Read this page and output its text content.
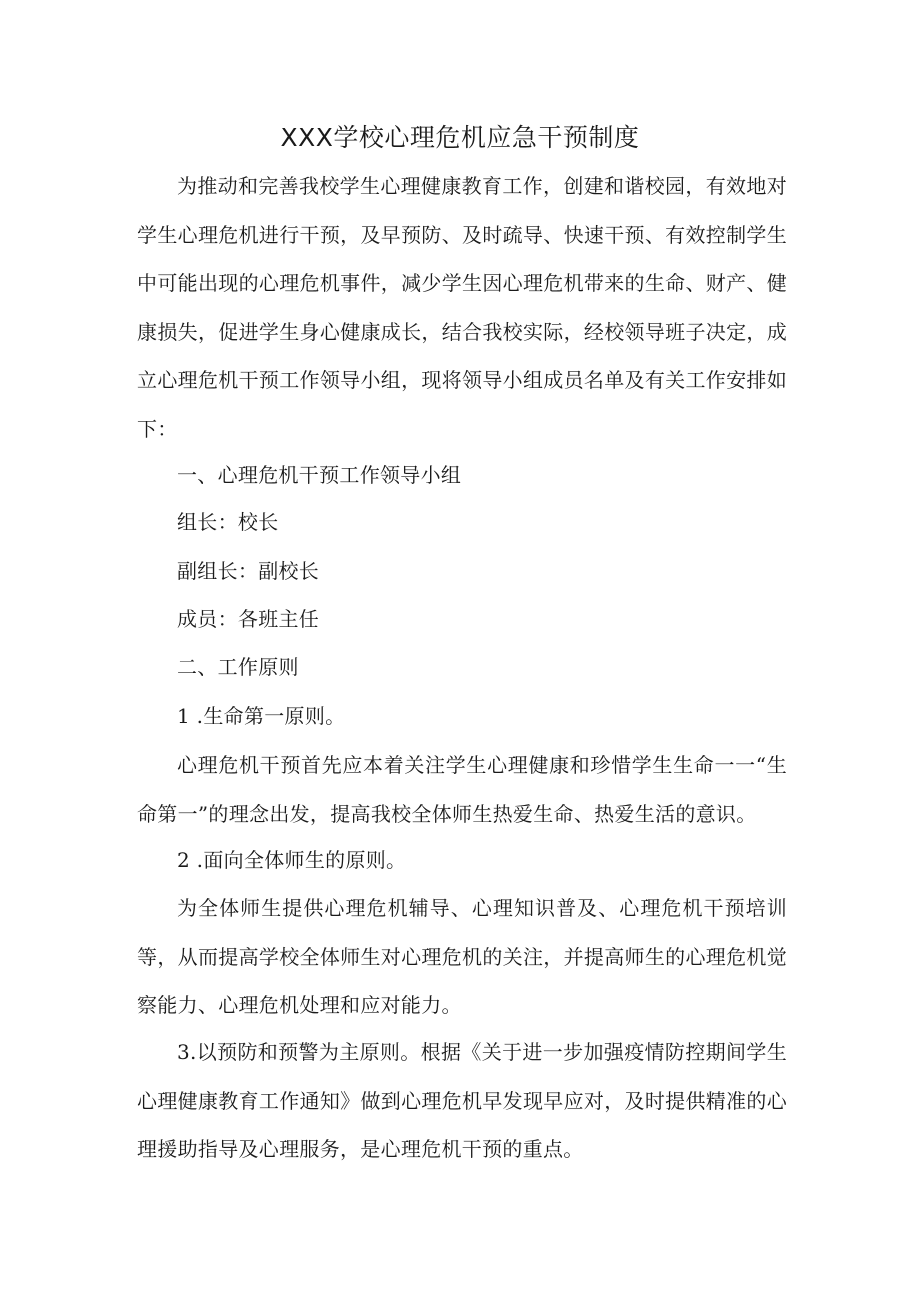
XXX学校心理危机应急干预制度
为推动和完善我校学生心理健康教育工作，创建和谐校园，有效地对学生心理危机进行干预，及早预防、及时疏导、快速干预、有效控制学生中可能出现的心理危机事件，减少学生因心理危机带来的生命、财产、健康损失，促进学生身心健康成长，结合我校实际，经校领导班子决定，成立心理危机干预工作领导小组，现将领导小组成员名单及有关工作安排如下：
一、心理危机干预工作领导小组
组长：校长
副组长：副校长
成员：各班主任
二、工作原则
1 .生命第一原则。
心理危机干预首先应本着关注学生心理健康和珍惜学生生命一一“生命第一”的理念出发，提高我校全体师生热爱生命、热爱生活的意识。
2 .面向全体师生的原则。
为全体师生提供心理危机辅导、心理知识普及、心理危机干预培训等，从而提高学校全体师生对心理危机的关注，并提高师生的心理危机觉察能力、心理危机处理和应对能力。
3.以预防和预警为主原则。根据《关于进一步加强疫情防控期间学生心理健康教育工作通知》做到心理危机早发现早应对，及时提供精准的心理援助指导及心理服务，是心理危机干预的重点。
